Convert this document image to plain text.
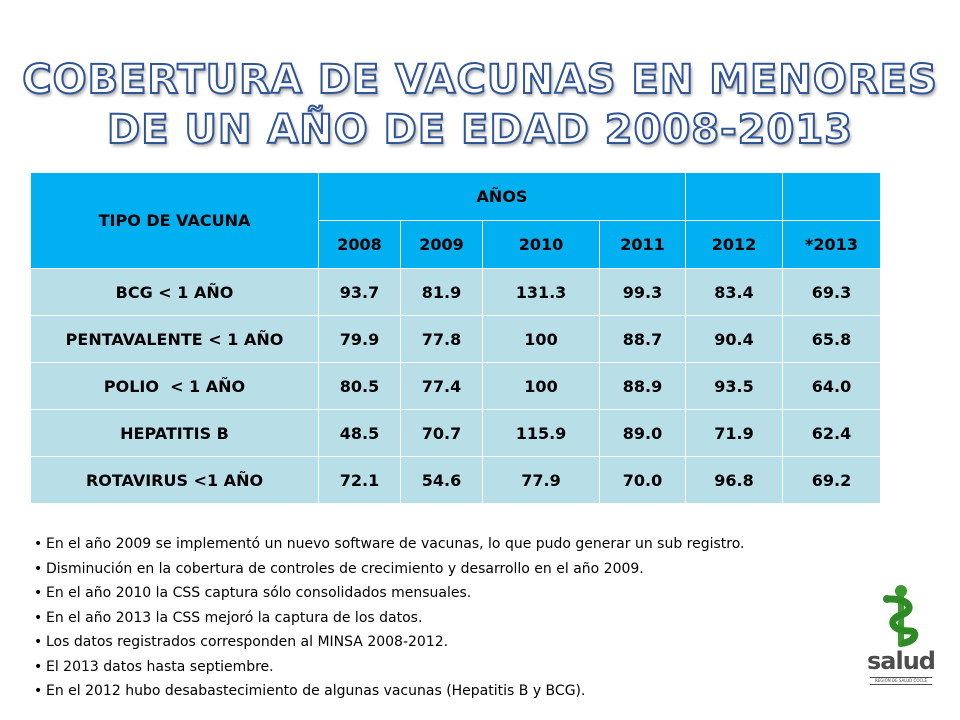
COBERTURA DE VACUNAS EN MENORES
DE UN AÑO DE EDAD 2008-2013
TIPO DE VACUNA	AÑOS					
	2008	2009	2010	2011	2012	*2013
BCG < 1 AÑO	93.7	81.9	131.3	99.3	83.4	69.3
PENTAVALENTE < 1 AÑO	79.9	77.8	100	88.7	90.4	65.8
POLIO  < 1 AÑO	80.5	77.4	100	88.9	93.5	64.0
HEPATITIS B	48.5	70.7	115.9	89.0	71.9	62.4
ROTAVIRUS <1 AÑO	72.1	54.6	77.9	70.0	96.8	69.2
• En el año 2009 se implementó un nuevo software de vacunas, lo que pudo generar un sub registro.
• Disminución en la cobertura de controles de crecimiento y desarrollo en el año 2009.
• En el año 2010 la CSS captura sólo consolidados mensuales.
• En el año 2013 la CSS mejoró la captura de los datos.
• Los datos registrados corresponden al MINSA 2008-2012.
• El 2013 datos hasta septiembre.
• En el 2012 hubo desabastecimiento de algunas vacunas (Hepatitis B y BCG).
salud
REGIÓN DE SALUD COCLÉ
